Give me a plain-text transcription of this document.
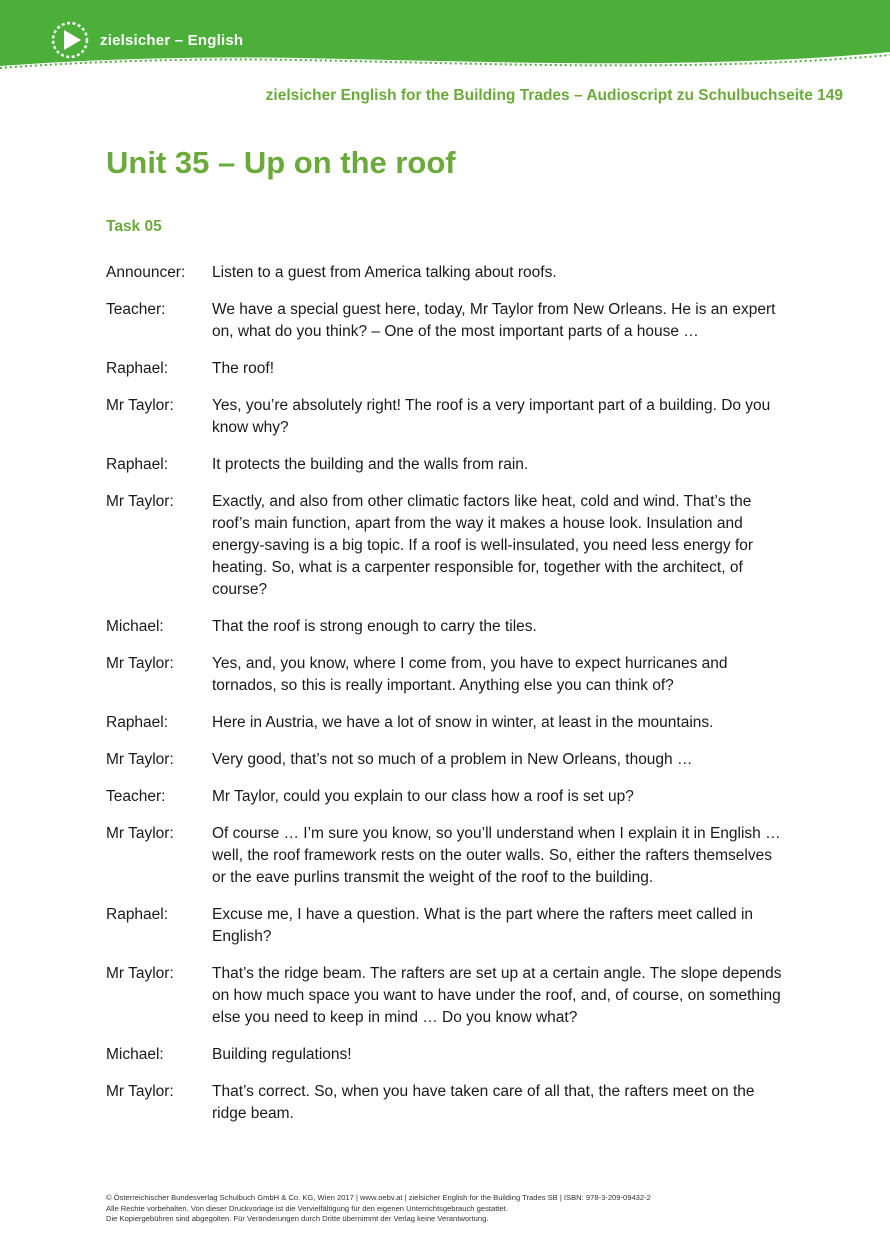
zielsicher – English
zielsicher English for the Building Trades – Audioscript zu Schulbuchseite 149
Unit 35 – Up on the roof
Task 05
Announcer:	Listen to a guest from America talking about roofs.
Teacher:	We have a special guest here, today, Mr Taylor from New Orleans. He is an expert on, what do you think? – One of the most important parts of a house …
Raphael:	The roof!
Mr Taylor:	Yes, you’re absolutely right! The roof is a very important part of a building. Do you know why?
Raphael:	It protects the building and the walls from rain.
Mr Taylor:	Exactly, and also from other climatic factors like heat, cold and wind. That’s the roof’s main function, apart from the way it makes a house look. Insulation and energy-saving is a big topic. If a roof is well-insulated, you need less energy for heating. So, what is a carpenter responsible for, together with the architect, of course?
Michael:	That the roof is strong enough to carry the tiles.
Mr Taylor:	Yes, and, you know, where I come from, you have to expect hurricanes and tornados, so this is really important. Anything else you can think of?
Raphael:	Here in Austria, we have a lot of snow in winter, at least in the mountains.
Mr Taylor:	Very good, that’s not so much of a problem in New Orleans, though …
Teacher:	Mr Taylor, could you explain to our class how a roof is set up?
Mr Taylor:	Of course … I’m sure you know, so you’ll understand when I explain it in English … well, the roof framework rests on the outer walls. So, either the rafters themselves or the eave purlins transmit the weight of the roof to the building.
Raphael:	Excuse me, I have a question. What is the part where the rafters meet called in English?
Mr Taylor:	That’s the ridge beam. The rafters are set up at a certain angle. The slope depends on how much space you want to have under the roof, and, of course, on something else you need to keep in mind … Do you know what?
Michael:	Building regulations!
Mr Taylor:	That’s correct. So, when you have taken care of all that, the rafters meet on the ridge beam.
© Österreichischer Bundesverlag Schulbuch GmbH & Co. KG, Wien 2017 | www.oebv.at | zielsicher English for the Building Trades SB | ISBN: 978-3-209-09432-2
Alle Rechte vorbehalten. Von dieser Druckvorlage ist die Vervielfältigung für den eigenen Unterrichtsgebrauch gestattet.
Die Kopiergebühren sind abgegolten. Für Veränderungen durch Dritte übernimmt der Verlag keine Verantwortung.
